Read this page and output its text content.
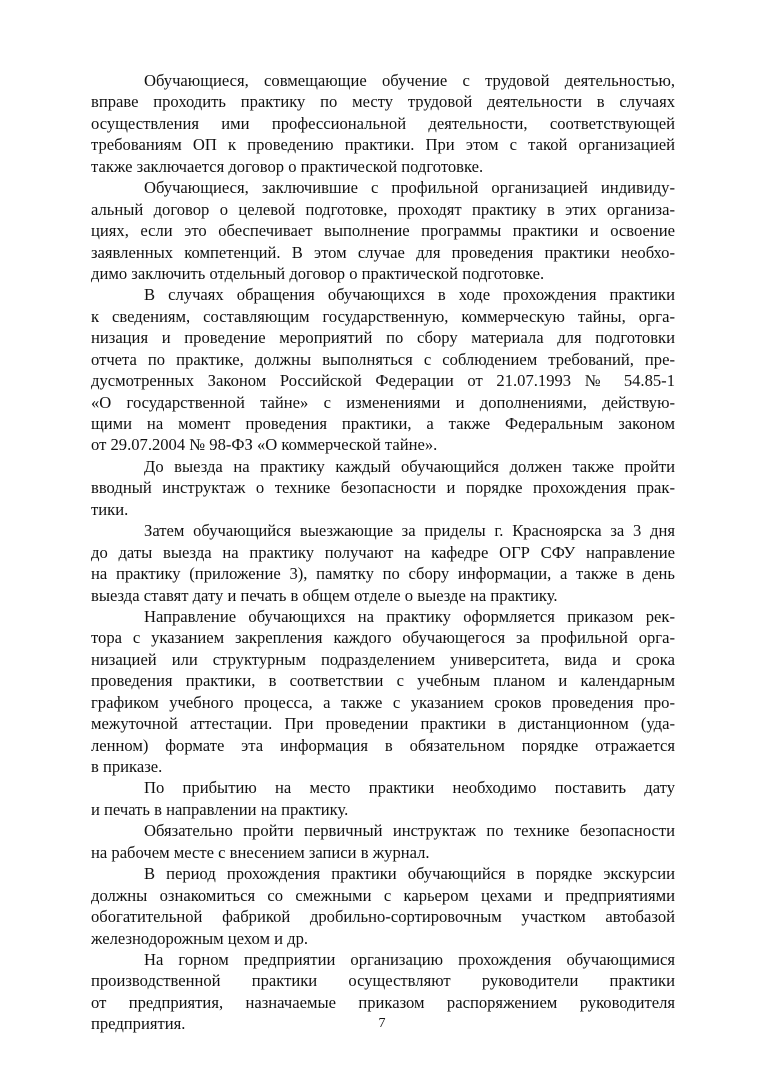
Обучающиеся, совмещающие обучение с трудовой деятельностью,
вправе проходить практику по месту трудовой деятельности в случаях
осуществления ими профессиональной деятельности, соответствующей
требованиям ОП к проведению практики. При этом с такой организацией
также заключается договор о практической подготовке.
Обучающиеся, заключившие с профильной организацией индивиду-
альный договор о целевой подготовке, проходят практику в этих организа-
циях, если это обеспечивает выполнение программы практики и освоение
заявленных компетенций. В этом случае для проведения практики необхо-
димо заключить отдельный договор о практической подготовке.
В случаях обращения обучающихся в ходе прохождения практики
к сведениям, составляющим государственную, коммерческую тайны, орга-
низация и проведение мероприятий по сбору материала для подготовки
отчета по практике, должны выполняться с соблюдением требований, пре-
дусмотренных Законом Российской Федерации от 21.07.1993 № 54.85-1
«О государственной тайне» с изменениями и дополнениями, действую-
щими на момент проведения практики, а также Федеральным законом
от 29.07.2004 № 98-ФЗ «О коммерческой тайне».
До выезда на практику каждый обучающийся должен также пройти
вводный инструктаж о технике безопасности и порядке прохождения прак-
тики.
Затем обучающийся выезжающие за приделы г. Красноярска за 3 дня
до даты выезда на практику получают на кафедре ОГР СФУ направление
на практику (приложение 3), памятку по сбору информации, а также в день
выезда ставят дату и печать в общем отделе о выезде на практику.
Направление обучающихся на практику оформляется приказом рек-
тора с указанием закрепления каждого обучающегося за профильной орга-
низацией или структурным подразделением университета, вида и срока
проведения практики, в соответствии с учебным планом и календарным
графиком учебного процесса, а также с указанием сроков проведения про-
межуточной аттестации. При проведении практики в дистанционном (уда-
ленном) формате эта информация в обязательном порядке отражается
в приказе.
По прибытию на место практики необходимо поставить дату
и печать в направлении на практику.
Обязательно пройти первичный инструктаж по технике безопасности
на рабочем месте с внесением записи в журнал.
В период прохождения практики обучающийся в порядке экскурсии
должны ознакомиться со смежными с карьером цехами и предприятиями
обогатительной фабрикой дробильно-сортировочным участком автобазой
железнодорожным цехом и др.
На горном предприятии организацию прохождения обучающимися
производственной практики осуществляют руководители практики
от предприятия, назначаемые приказом распоряжением руководителя
предприятия.	7
